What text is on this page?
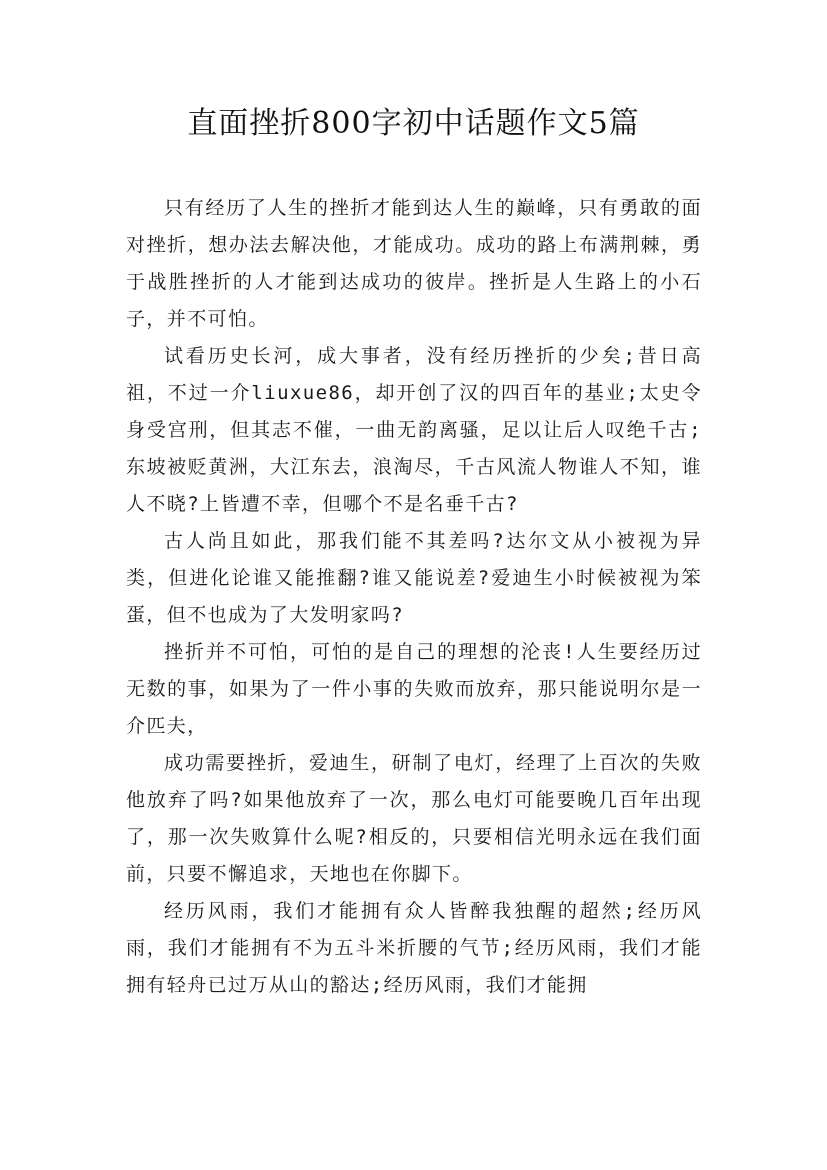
直面挫折800字初中话题作文5篇

只有经历了人生的挫折才能到达人生的巅峰，只有勇敢的面对挫折，想办法去解决他，才能成功。成功的路上布满荆棘，勇于战胜挫折的人才能到达成功的彼岸。挫折是人生路上的小石子，并不可怕。

试看历史长河，成大事者，没有经历挫折的少矣;昔日高祖，不过一介liuxue86，却开创了汉的四百年的基业;太史令身受宫刑，但其志不催，一曲无韵离骚，足以让后人叹绝千古;东坡被贬黄洲，大江东去，浪淘尽，千古风流人物谁人不知，谁人不晓?上皆遭不幸，但哪个不是名垂千古?

古人尚且如此，那我们能不其差吗?达尔文从小被视为异类，但进化论谁又能推翻?谁又能说差?爱迪生小时候被视为笨蛋，但不也成为了大发明家吗?

挫折并不可怕，可怕的是自己的理想的沦丧!人生要经历过无数的事，如果为了一件小事的失败而放弃，那只能说明尔是一介匹夫，

成功需要挫折，爱迪生，研制了电灯，经理了上百次的失败他放弃了吗?如果他放弃了一次，那么电灯可能要晚几百年出现了，那一次失败算什么呢?相反的，只要相信光明永远在我们面前，只要不懈追求，天地也在你脚下。

经历风雨，我们才能拥有众人皆醉我独醒的超然;经历风雨，我们才能拥有不为五斗米折腰的气节;经历风雨，我们才能拥有轻舟已过万从山的豁达;经历风雨，我们才能拥
